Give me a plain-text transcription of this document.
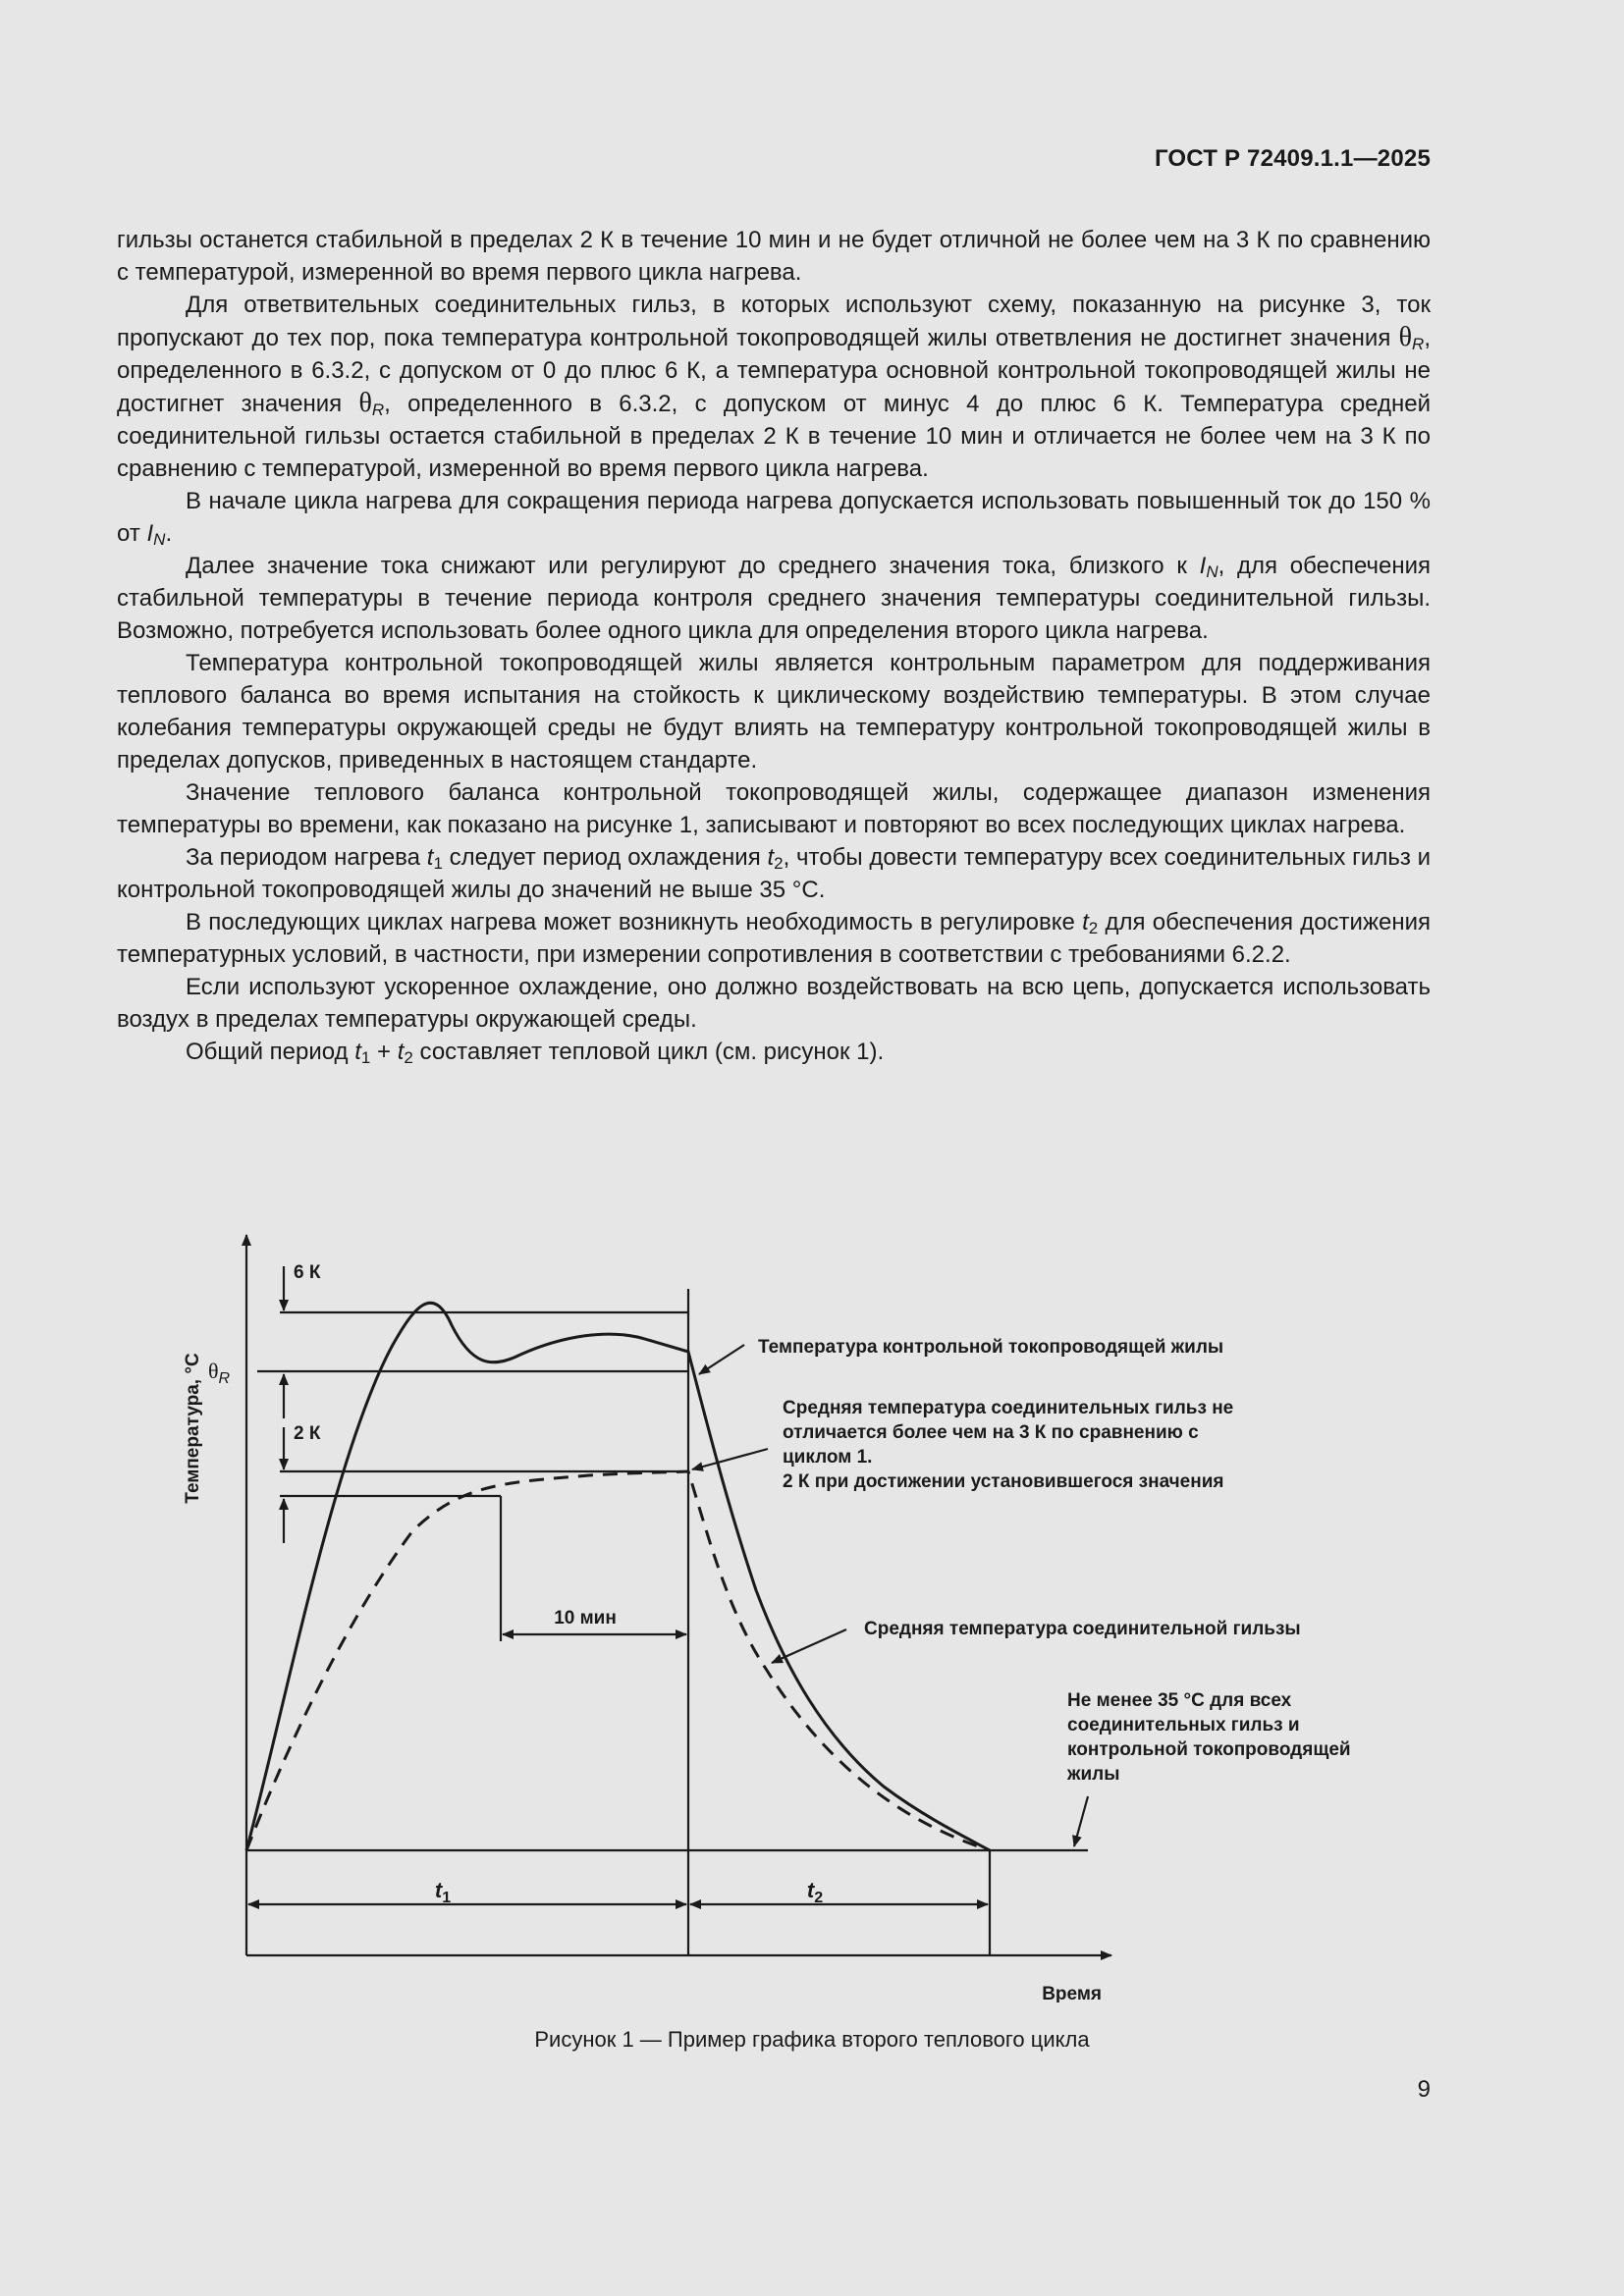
ГОСТ Р 72409.1.1—2025

гильзы останется стабильной в пределах 2 К в течение 10 мин и не будет отличной не более чем на 3 К по сравнению с температурой, измеренной во время первого цикла нагрева.

Для ответвительных соединительных гильз, в которых используют схему, показанную на рисунке 3, ток пропускают до тех пор, пока температура контрольной токопроводящей жилы ответвления не достигнет значения $\theta_R$, определенного в 6.3.2, с допуском от 0 до плюс 6 К, а температура основной контрольной токопроводящей жилы не достигнет значения $\theta_R$, определенного в 6.3.2, с допуском от минус 4 до плюс 6 К. Температура средней соединительной гильзы остается стабильной в пределах 2 К в течение 10 мин и отличается не более чем на 3 К по сравнению с температурой, измеренной во время первого цикла нагрева.

В начале цикла нагрева для сокращения периода нагрева допускается использовать повышенный ток до 150 % от $I_N$.

Далее значение тока снижают или регулируют до среднего значения тока, близкого к $I_N$, для обеспечения стабильной температуры в течение периода контроля среднего значения температуры соединительной гильзы. Возможно, потребуется использовать более одного цикла для определения второго цикла нагрева.

Температура контрольной токопроводящей жилы является контрольным параметром для поддерживания теплового баланса во время испытания на стойкость к циклическому воздействию температуры. В этом случае колебания температуры окружающей среды не будут влиять на температуру контрольной токопроводящей жилы в пределах допусков, приведенных в настоящем стандарте.

Значение теплового баланса контрольной токопроводящей жилы, содержащее диапазон изменения температуры во времени, как показано на рисунке 1, записывают и повторяют во всех последующих циклах нагрева.

За периодом нагрева $t_1$ следует период охлаждения $t_2$, чтобы довести температуру всех соединительных гильз и контрольной токопроводящей жилы до значений не выше 35 °C.

В последующих циклах нагрева может возникнуть необходимость в регулировке $t_2$ для обеспечения достижения температурных условий, в частности, при измерении сопротивления в соответствии с требованиями 6.2.2.

Если используют ускоренное охлаждение, оно должно воздействовать на всю цепь, допускается использовать воздух в пределах температуры окружающей среды.

Общий период $t_1 + t_2$ составляет тепловой цикл (см. рисунок 1).

Температура, °C
Время
6 К
2 К
$\theta_R$
10 мин
$t_1$	$t_2$
Температура контрольной токопроводящей жилы
Средняя температура соединительных гильз не отличается более чем на 3 К по сравнению с циклом 1. 2 К при достижении установившегося значения
Средняя температура соединительной гильзы
Не менее 35 °C для всех соединительных гильз и контрольной токопроводящей жилы
Рисунок 1 — Пример графика второго теплового цикла
9
